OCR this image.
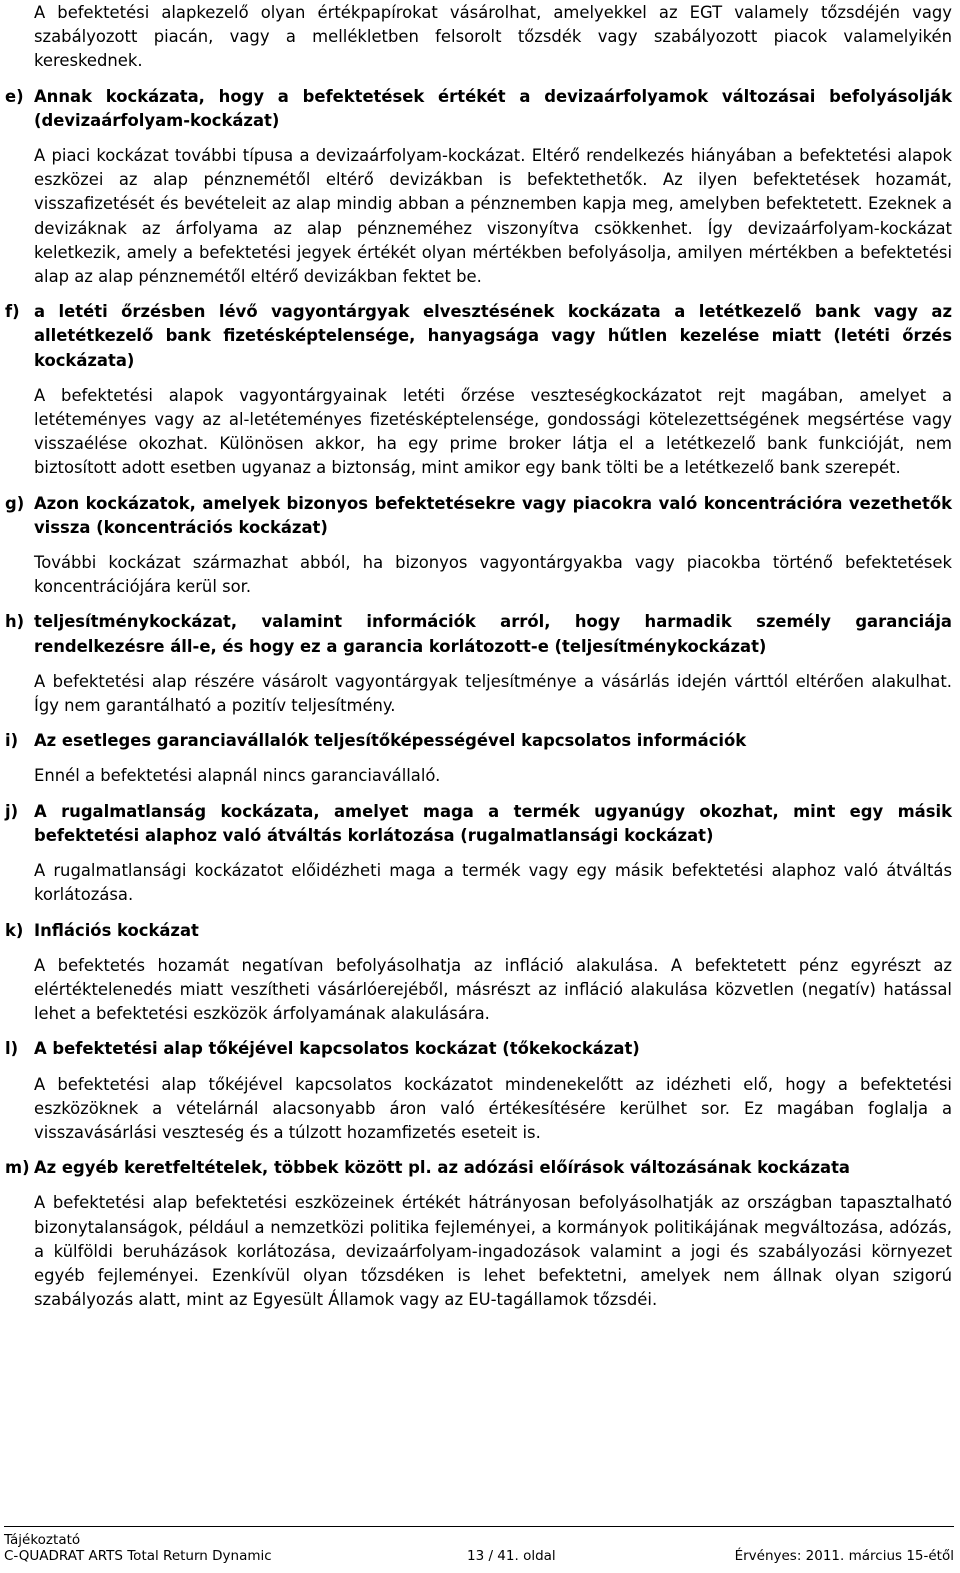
A befektetési alapkezelő olyan értékpapírokat vásárolhat, amelyekkel az EGT valamely tőzsdéjén vagy szabályozott piacán, vagy a mellékletben felsorolt tőzsdék vagy szabályozott piacok valamelyikén kereskednek.

e) Annak kockázata, hogy a befektetések értékét a devizaárfolyamok változásai befolyásolják (devizaárfolyam-kockázat)

A piaci kockázat további típusa a devizaárfolyam-kockázat. Eltérő rendelkezés hiányában a befektetési alapok eszközei az alap pénznemétől eltérő devizákban is befektethetők. Az ilyen befektetések hozamát, visszafizetését és bevételeit az alap mindig abban a pénznemben kapja meg, amelyben befektetett. Ezeknek a devizáknak az árfolyama az alap pénzneméhez viszonyítva csökkenhet. Így devizaárfolyam-kockázat keletkezik, amely a befektetési jegyek értékét olyan mértékben befolyásolja, amilyen mértékben a befektetési alap az alap pénznemétől eltérő devizákban fektet be.

f) a letéti őrzésben lévő vagyontárgyak elvesztésének kockázata a letétkezelő bank vagy az alletétkezelő bank fizetésképtelensége, hanyagsága vagy hűtlen kezelése miatt (letéti őrzés kockázata)

A befektetési alapok vagyontárgyainak letéti őrzése veszteségkockázatot rejt magában, amelyet a letéteményes vagy az al-letéteményes fizetésképtelensége, gondossági kötelezettségének megsértése vagy visszaélése okozhat. Különösen akkor, ha egy prime broker látja el a letétkezelő bank funkcióját, nem biztosított adott esetben ugyanaz a biztonság, mint amikor egy bank tölti be a letétkezelő bank szerepét.

g) Azon kockázatok, amelyek bizonyos befektetésekre vagy piacokra való koncentrációra vezethetők vissza (koncentrációs kockázat)

További kockázat származhat abból, ha bizonyos vagyontárgyakba vagy piacokba történő befektetések koncentrációjára kerül sor.

h) teljesítménykockázat, valamint információk arról, hogy harmadik személy garanciája rendelkezésre áll-e, és hogy ez a garancia korlátozott-e (teljesítménykockázat)

A befektetési alap részére vásárolt vagyontárgyak teljesítménye a vásárlás idején várttól eltérően alakulhat. Így nem garantálható a pozitív teljesítmény.

i) Az esetleges garanciavállalók teljesítőképességével kapcsolatos információk

Ennél a befektetési alapnál nincs garanciavállaló.

j) A rugalmatlanság kockázata, amelyet maga a termék ugyanúgy okozhat, mint egy másik befektetési alaphoz való átváltás korlátozása (rugalmatlansági kockázat)

A rugalmatlansági kockázatot előidézheti maga a termék vagy egy másik befektetési alaphoz való átváltás korlátozása.

k) Inflációs kockázat

A befektetés hozamát negatívan befolyásolhatja az infláció alakulása. A befektetett pénz egyrészt az elértéktelenedés miatt veszítheti vásárlóerejéből, másrészt az infláció alakulása közvetlen (negatív) hatással lehet a befektetési eszközök árfolyamának alakulására.

l) A befektetési alap tőkéjével kapcsolatos kockázat (tőkekockázat)

A befektetési alap tőkéjével kapcsolatos kockázatot mindenekelőtt az idézheti elő, hogy a befektetési eszközöknek a vételárnál alacsonyabb áron való értékesítésére kerülhet sor. Ez magában foglalja a visszavásárlási veszteség és a túlzott hozamfizetés eseteit is.

m) Az egyéb keretfeltételek, többek között pl. az adózási előírások változásának kockázata

A befektetési alap befektetési eszközeinek értékét hátrányosan befolyásolhatják az országban tapasztalható bizonytalanságok, például a nemzetközi politika fejleményei, a kormányok politikájának megváltozása, adózás, a külföldi beruházások korlátozása, devizaárfolyam-ingadozások valamint a jogi és szabályozási környezet egyéb fejleményei. Ezenkívül olyan tőzsdéken is lehet befektetni, amelyek nem állnak olyan szigorú szabályozás alatt, mint az Egyesült Államok vagy az EU-tagállamok tőzsdéi.

Tájékoztató
C-QUADRAT ARTS Total Return Dynamic	Érvényes: 2011. március 15-étől
13 / 41. oldal
